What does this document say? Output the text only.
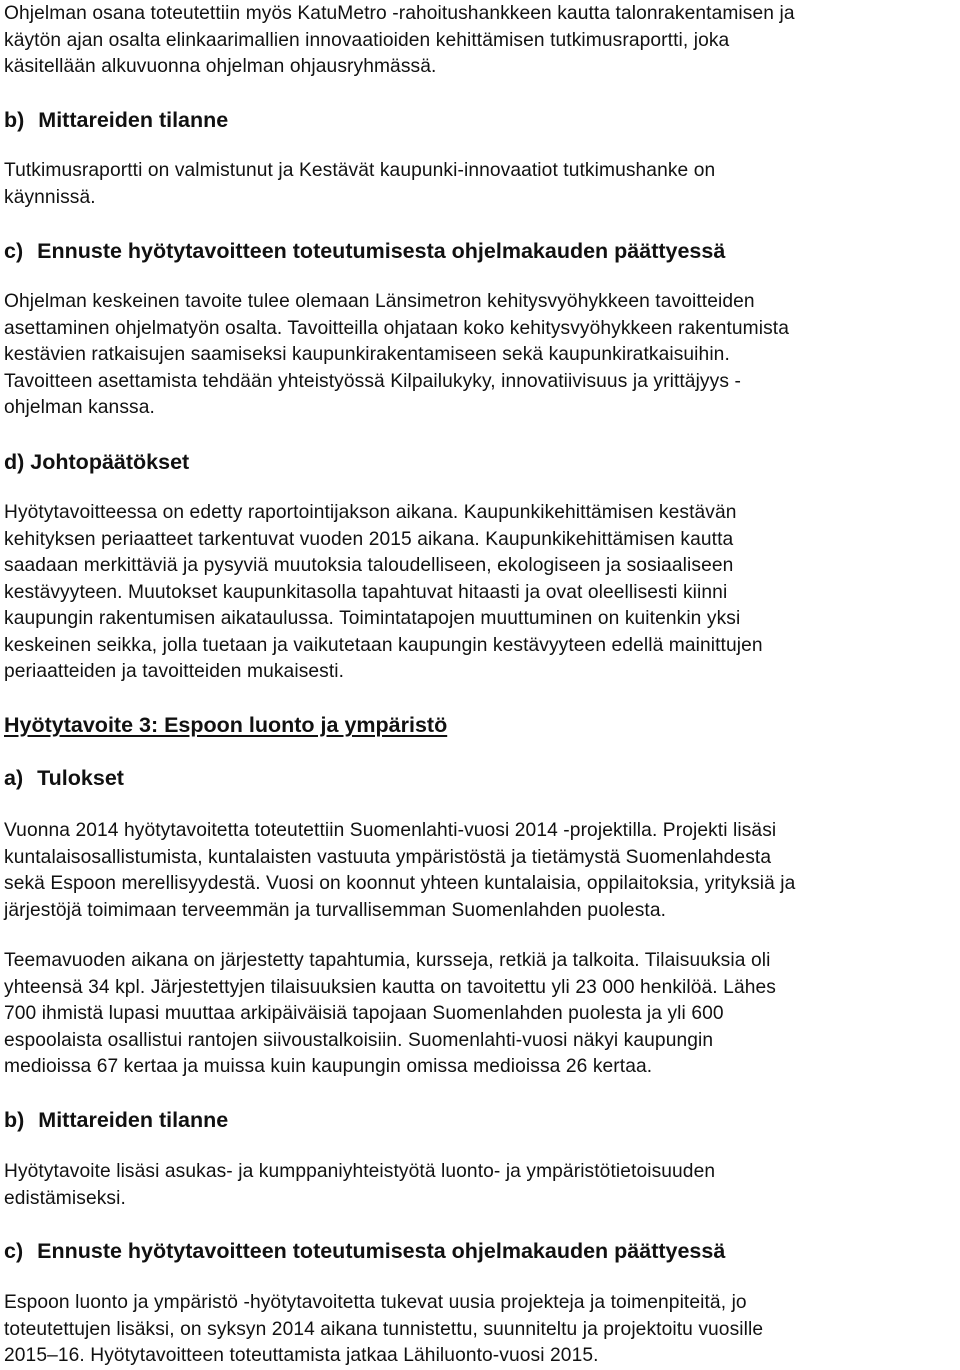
Ohjelman osana toteutettiin myös KatuMetro -rahoitushankkeen kautta talonrakentamisen ja
käytön ajan osalta elinkaarimallien innovaatioiden kehittämisen tutkimusraportti, joka
käsitellään alkuvuonna ohjelman ohjausryhmässä.
b) Mittareiden tilanne
Tutkimusraportti on valmistunut ja Kestävät kaupunki-innovaatiot tutkimushanke on
käynnissä.
c) Ennuste hyötytavoitteen toteutumisesta ohjelmakauden päättyessä
Ohjelman keskeinen tavoite tulee olemaan Länsimetron kehitysvyöhykkeen tavoitteiden
asettaminen ohjelmatyön osalta. Tavoitteilla ohjataan koko kehitysvyöhykkeen rakentumista
kestävien ratkaisujen saamiseksi kaupunkirakentamiseen sekä kaupunkiratkaisuihin.
Tavoitteen asettamista tehdään yhteistyössä Kilpailukyky, innovatiivisuus ja yrittäjyys -
ohjelman kanssa.
d) Johtopäätökset
Hyötytavoitteessa on edetty raportointijakson aikana. Kaupunkikehittämisen kestävän
kehityksen periaatteet tarkentuvat vuoden 2015 aikana. Kaupunkikehittämisen kautta
saadaan merkittäviä ja pysyviä muutoksia taloudelliseen, ekologiseen ja sosiaaliseen
kestävyyteen. Muutokset kaupunkitasolla tapahtuvat hitaasti ja ovat oleellisesti kiinni
kaupungin rakentumisen aikataulussa. Toimintatapojen muuttuminen on kuitenkin yksi
keskeinen seikka, jolla tuetaan ja vaikutetaan kaupungin kestävyyteen edellä mainittujen
periaatteiden ja tavoitteiden mukaisesti.
Hyötytavoite 3: Espoon luonto ja ympäristö
a) Tulokset
Vuonna 2014 hyötytavoitetta toteutettiin Suomenlahti-vuosi 2014 -projektilla. Projekti lisäsi
kuntalaisosallistumista, kuntalaisten vastuuta ympäristöstä ja tietämystä Suomenlahdesta
sekä Espoon merellisyydestä. Vuosi on koonnut yhteen kuntalaisia, oppilaitoksia, yrityksiä ja
järjestöjä toimimaan terveemmän ja turvallisemman Suomenlahden puolesta.
Teemavuoden aikana on järjestetty tapahtumia, kursseja, retkiä ja talkoita. Tilaisuuksia oli
yhteensä 34 kpl. Järjestettyjen tilaisuuksien kautta on tavoitettu yli 23 000 henkilöä. Lähes
700 ihmistä lupasi muuttaa arkipäiväisiä tapojaan Suomenlahden puolesta ja yli 600
espoolaista osallistui rantojen siivoustalkoisiin. Suomenlahti-vuosi näkyi kaupungin
medioissa 67 kertaa ja muissa kuin kaupungin omissa medioissa 26 kertaa.
b) Mittareiden tilanne
Hyötytavoite lisäsi asukas- ja kumppaniyhteistyötä luonto- ja ympäristötietoisuuden
edistämiseksi.
c) Ennuste hyötytavoitteen toteutumisesta ohjelmakauden päättyessä
Espoon luonto ja ympäristö -hyötytavoitetta tukevat uusia projekteja ja toimenpiteitä, jo
toteutettujen lisäksi, on syksyn 2014 aikana tunnistettu, suunniteltu ja projektoitu vuosille
2015–16. Hyötytavoitteen toteuttamista jatkaa Lähiluonto-vuosi 2015.
